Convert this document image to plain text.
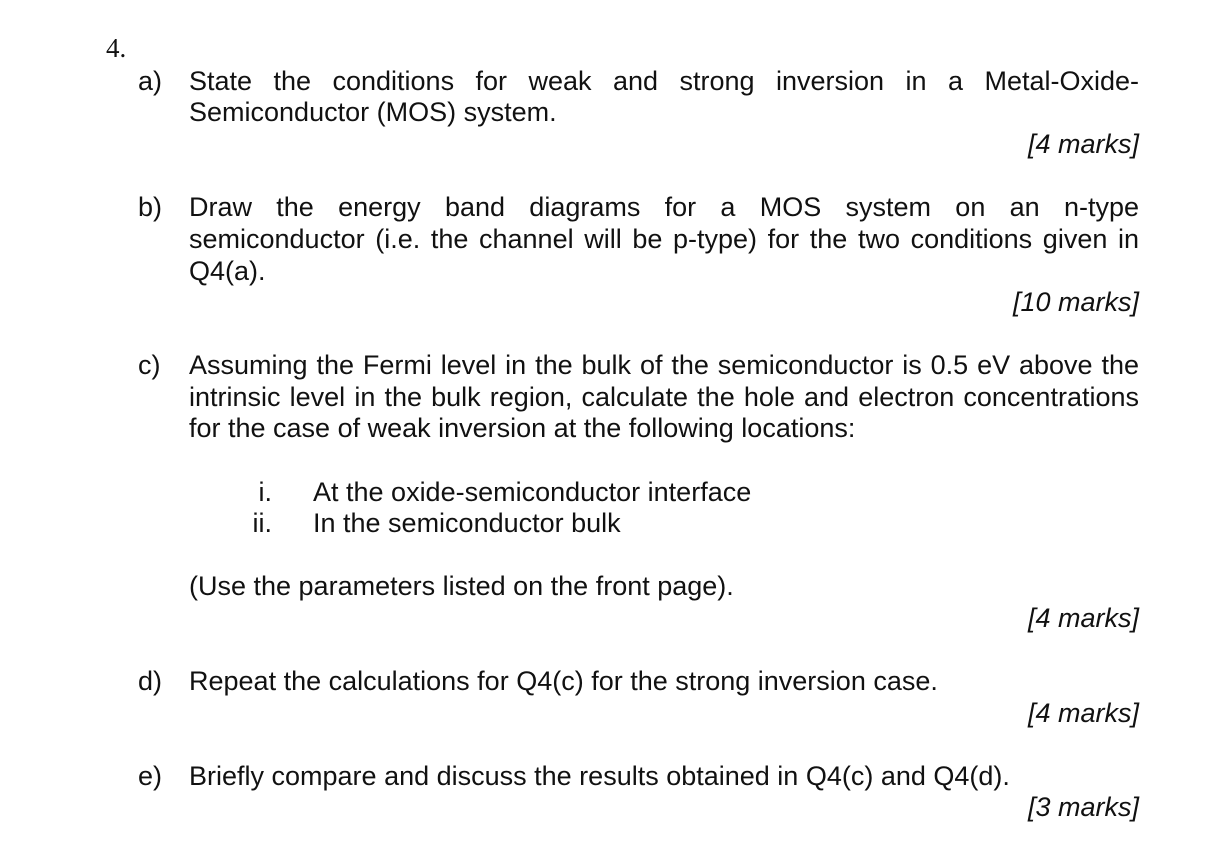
4.
a) State the conditions for weak and strong inversion in a Metal-Oxide-
Semiconductor (MOS) system.
[4 marks]
b) Draw the energy band diagrams for a MOS system on an n-type
semiconductor (i.e. the channel will be p-type) for the two conditions given in
Q4(a).
[10 marks]
c) Assuming the Fermi level in the bulk of the semiconductor is 0.5 eV above the
intrinsic level in the bulk region, calculate the hole and electron concentrations
for the case of weak inversion at the following locations:
i. At the oxide-semiconductor interface
ii. In the semiconductor bulk
(Use the parameters listed on the front page).
[4 marks]
d) Repeat the calculations for Q4(c) for the strong inversion case.
[4 marks]
e) Briefly compare and discuss the results obtained in Q4(c) and Q4(d).
[3 marks]
